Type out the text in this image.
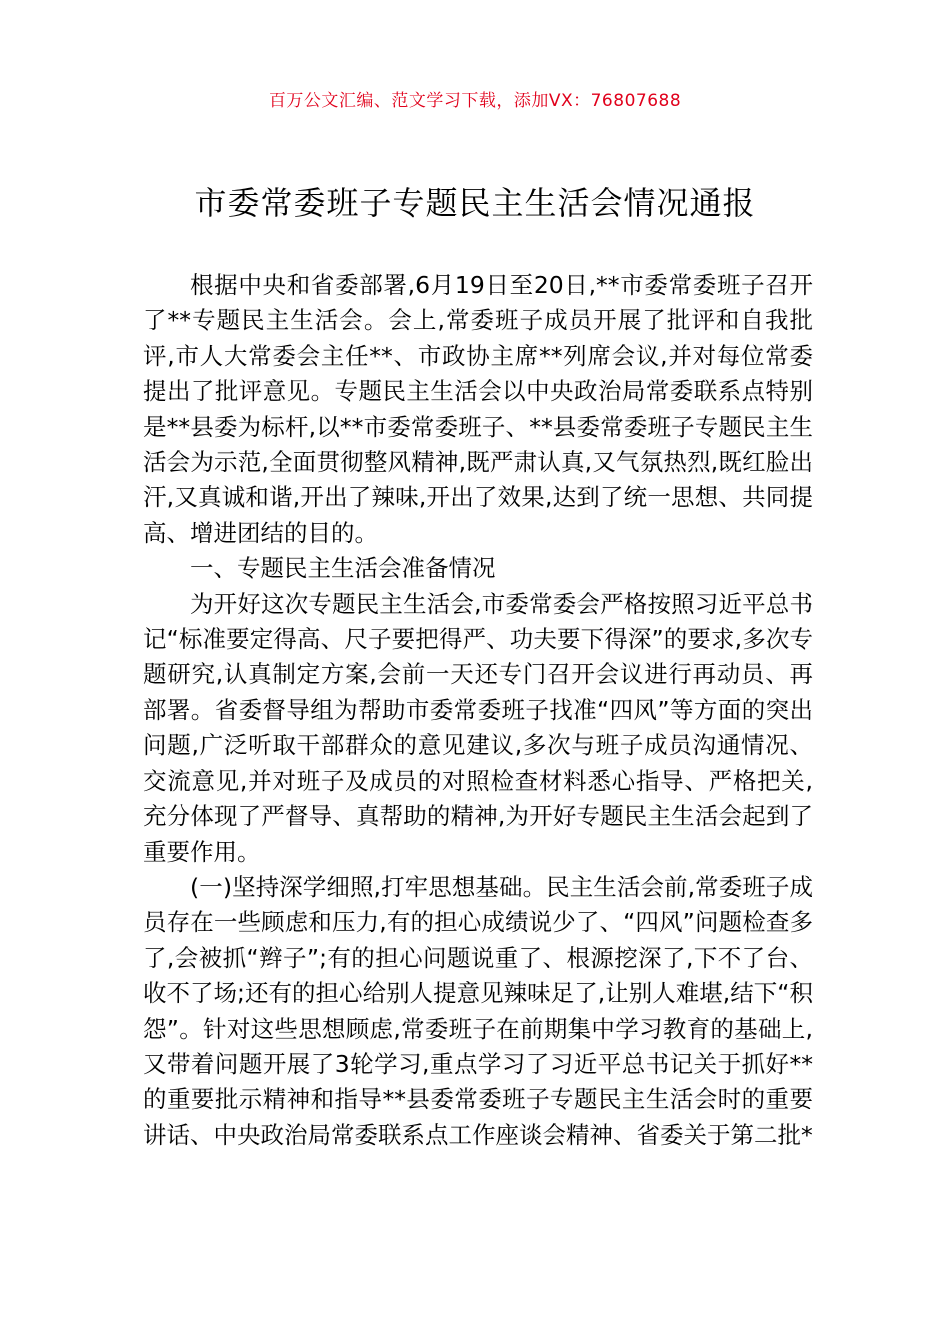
百万公文汇编、范文学习下载，添加VX：76807688
市委常委班子专题民主生活会情况通报

根据中央和省委部署,6月19日至20日,**市委常委班子召开了**专题民主生活会。会上,常委班子成员开展了批评和自我批评,市人大常委会主任**、市政协主席**列席会议,并对每位常委提出了批评意见。专题民主生活会以中央政治局常委联系点特别是**县委为标杆,以**市委常委班子、**县委常委班子专题民主生活会为示范,全面贯彻整风精神,既严肃认真,又气氛热烈,既红脸出汗,又真诚和谐,开出了辣味,开出了效果,达到了统一思想、共同提高、增进团结的目的。

一、专题民主生活会准备情况

为开好这次专题民主生活会,市委常委会严格按照习近平总书记“标准要定得高、尺子要把得严、功夫要下得深”的要求,多次专题研究,认真制定方案,会前一天还专门召开会议进行再动员、再部署。省委督导组为帮助市委常委班子找准“四风”等方面的突出问题,广泛听取干部群众的意见建议,多次与班子成员沟通情况、交流意见,并对班子及成员的对照检查材料悉心指导、严格把关,充分体现了严督导、真帮助的精神,为开好专题民主生活会起到了重要作用。

(一)坚持深学细照,打牢思想基础。民主生活会前,常委班子成员存在一些顾虑和压力,有的担心成绩说少了、“四风”问题检查多了,会被抓“辫子”;有的担心问题说重了、根源挖深了,下不了台、收不了场;还有的担心给别人提意见辣味足了,让别人难堪,结下“积怨”。针对这些思想顾虑,常委班子在前期集中学习教育的基础上,又带着问题开展了3轮学习,重点学习了习近平总书记关于抓好**的重要批示精神和指导**县委常委班子专题民主生活会时的重要讲话、中央政治局常委联系点工作座谈会精神、省委关于第二批*
